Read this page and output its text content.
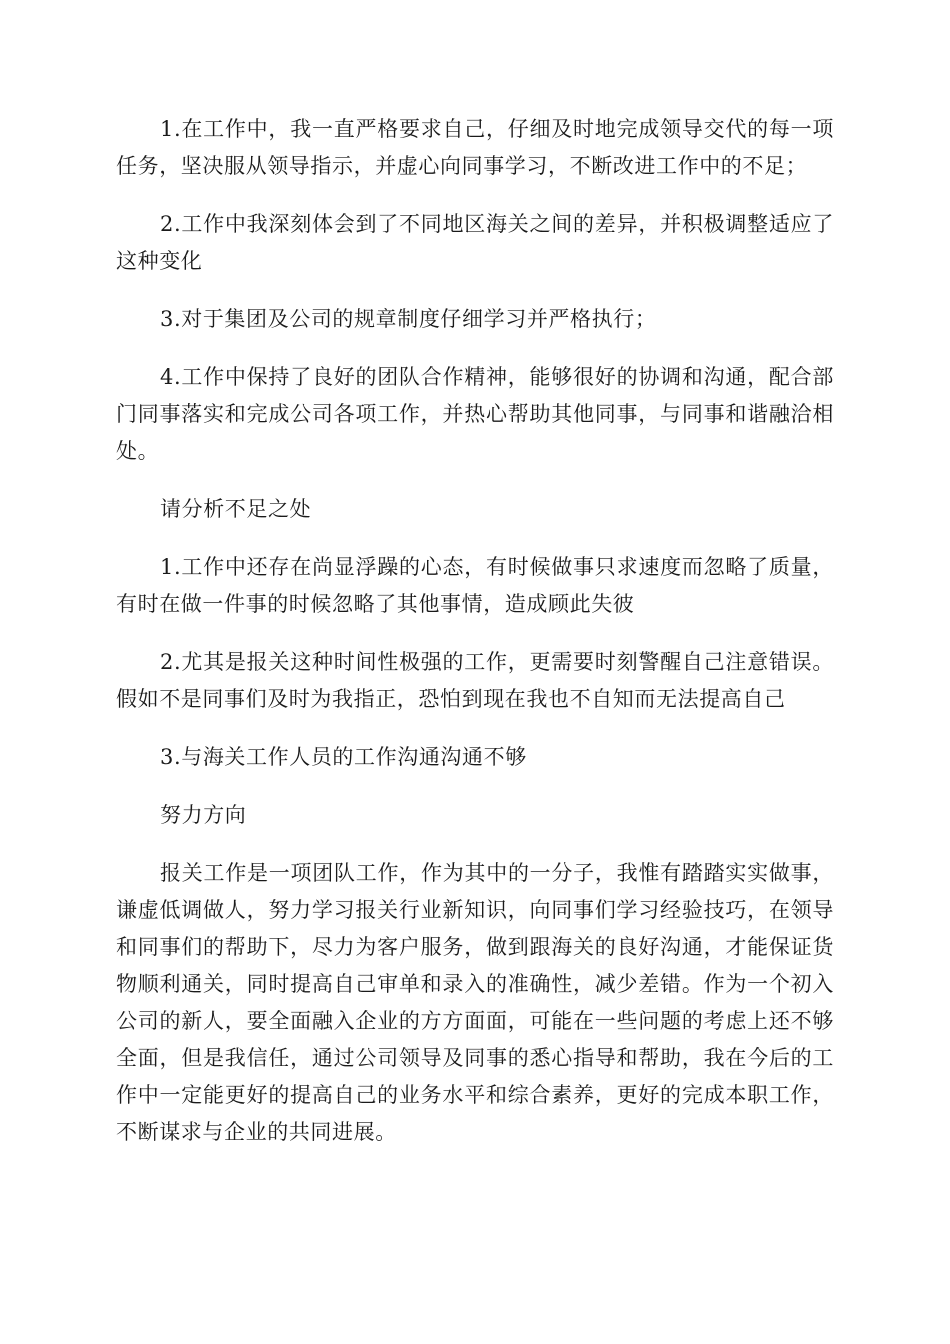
1.在工作中，我一直严格要求自己，仔细及时地完成领导交代的每一项任务，坚决服从领导指示，并虚心向同事学习，不断改进工作中的不足；

2.工作中我深刻体会到了不同地区海关之间的差异，并积极调整适应了这种变化

3.对于集团及公司的规章制度仔细学习并严格执行；

4.工作中保持了良好的团队合作精神，能够很好的协调和沟通，配合部门同事落实和完成公司各项工作，并热心帮助其他同事，与同事和谐融洽相处。

请分析不足之处

1.工作中还存在尚显浮躁的心态，有时候做事只求速度而忽略了质量，有时在做一件事的时候忽略了其他事情，造成顾此失彼

2.尤其是报关这种时间性极强的工作，更需要时刻警醒自己注意错误。假如不是同事们及时为我指正，恐怕到现在我也不自知而无法提高自己

3.与海关工作人员的工作沟通沟通不够

努力方向

报关工作是一项团队工作，作为其中的一分子，我惟有踏踏实实做事，谦虚低调做人，努力学习报关行业新知识，向同事们学习经验技巧，在领导和同事们的帮助下，尽力为客户服务，做到跟海关的良好沟通，才能保证货物顺利通关，同时提高自己审单和录入的准确性，减少差错。作为一个初入公司的新人，要全面融入企业的方方面面，可能在一些问题的考虑上还不够全面，但是我信任，通过公司领导及同事的悉心指导和帮助，我在今后的工作中一定能更好的提高自己的业务水平和综合素养，更好的完成本职工作，不断谋求与企业的共同进展。
